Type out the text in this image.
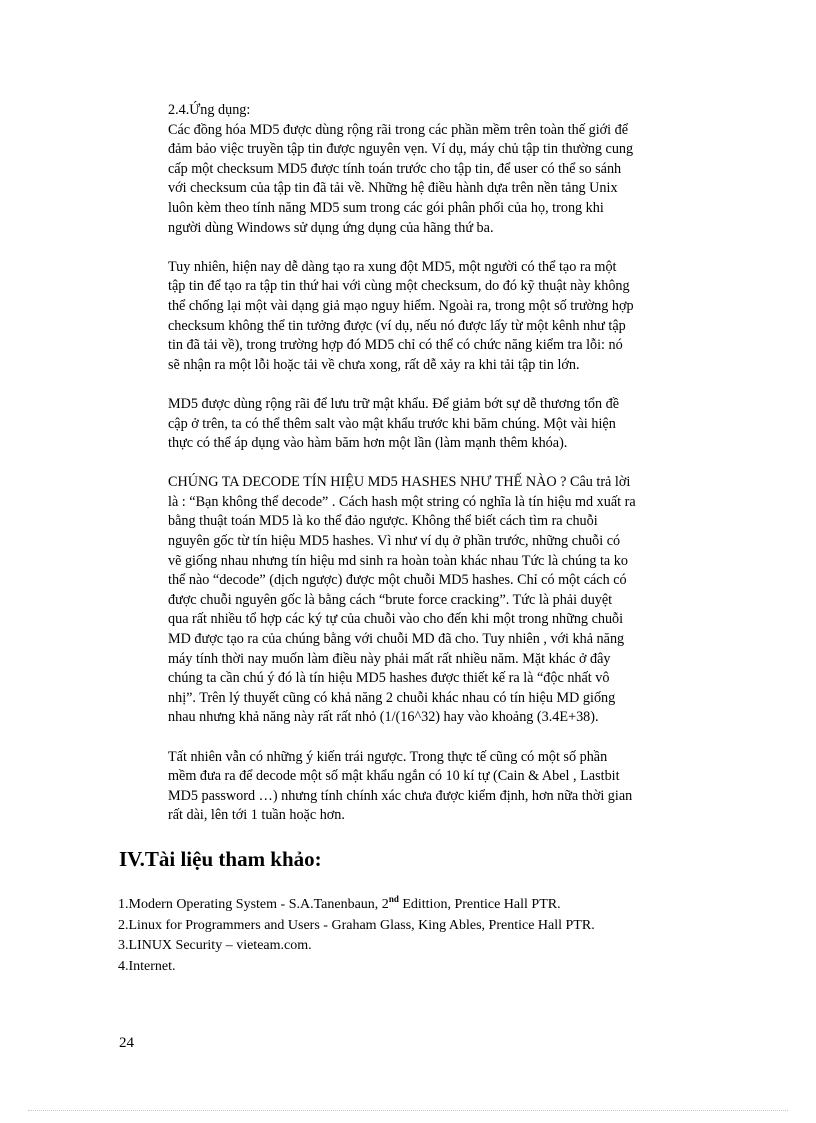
2.4.Ứng dụng:
Các đồng hóa MD5 được dùng rộng rãi trong các phần mềm trên toàn thế giới để
đảm bảo việc truyền tập tin được nguyên vẹn. Ví dụ, máy chủ tập tin thường cung
cấp một checksum MD5 được tính toán trước cho tập tin, để user có thể so sánh
với checksum của tập tin đã tải về. Những hệ điều hành dựa trên nền tảng Unix
luôn kèm theo tính năng MD5 sum trong các gói phân phối của họ, trong khi
người dùng Windows sử dụng ứng dụng của hãng thứ ba.

Tuy nhiên, hiện nay dễ dàng tạo ra xung đột MD5, một người có thể tạo ra một
tập tin để tạo ra tập tin thứ hai với cùng một checksum, do đó kỹ thuật này không
thể chống lại một vài dạng giả mạo nguy hiểm. Ngoài ra, trong một số trường hợp
checksum không thể tin tưởng được (ví dụ, nếu nó được lấy từ một kênh như tập
tin đã tải về), trong trường hợp đó MD5 chỉ có thể có chức năng kiểm tra lỗi: nó
sẽ nhận ra một lỗi hoặc tải về chưa xong, rất dễ xảy ra khi tải tập tin lớn.

MD5 được dùng rộng rãi để lưu trữ mật khẩu. Để giảm bớt sự dễ thương tổn đề
cập ở trên, ta có thể thêm salt vào mật khẩu trước khi băm chúng. Một vài hiện
thực có thể áp dụng vào hàm băm hơn một lần (làm mạnh thêm khóa).

CHÚNG TA DECODE TÍN HIỆU MD5 HASHES NHƯ THẾ NÀO ? Câu trả lời
là : “Bạn không thể decode” . Cách hash một string có nghĩa là tín hiệu md xuất ra
bằng thuật toán MD5 là ko thể đảo ngược. Không thể biết cách tìm ra chuỗi
nguyên gốc từ tín hiệu MD5 hashes. Vì như ví dụ ở phần trước, những chuỗi có
vẽ giống nhau nhưng tín hiệu md sinh ra hoàn toàn khác nhau Tức là chúng ta ko
thể nào “decode” (dịch ngược) được một chuỗi MD5 hashes. Chỉ có một cách có
được chuỗi nguyên gốc là bằng cách “brute force cracking”. Tức là phải duyệt
qua rất nhiều tổ hợp các ký tự của chuỗi vào cho đến khi một trong những chuỗi
MD được tạo ra của chúng bằng với chuỗi MD đã cho. Tuy nhiên , với khả năng
máy tính thời nay muốn làm điều này phải mất rất nhiều năm. Mặt khác ở đây
chúng ta cần chú ý đó là tín hiệu MD5 hashes được thiết kế ra là “độc nhất vô
nhị”. Trên lý thuyết cũng có khả năng 2 chuỗi khác nhau có tín hiệu MD giống
nhau nhưng khả năng này rất rất nhỏ (1/(16^32) hay vào khoảng (3.4E+38).

Tất nhiên vẫn có những ý kiến trái ngược. Trong thực tế cũng có một số phần
mềm đưa ra để decode một số mật khẩu ngắn có 10 kí tự (Cain & Abel , Lastbit
MD5 password …) nhưng tính chính xác chưa được kiểm định, hơn nữa thời gian
rất dài, lên tới 1 tuần hoặc hơn.

IV.Tài liệu tham khảo:
1.Modern Operating System - S.A.Tanenbaun, 2nd Edittion, Prentice Hall PTR.
2.Linux for Programmers and Users - Graham Glass, King Ables, Prentice Hall PTR.
3.LINUX Security – vieteam.com.
4.Internet.
24
